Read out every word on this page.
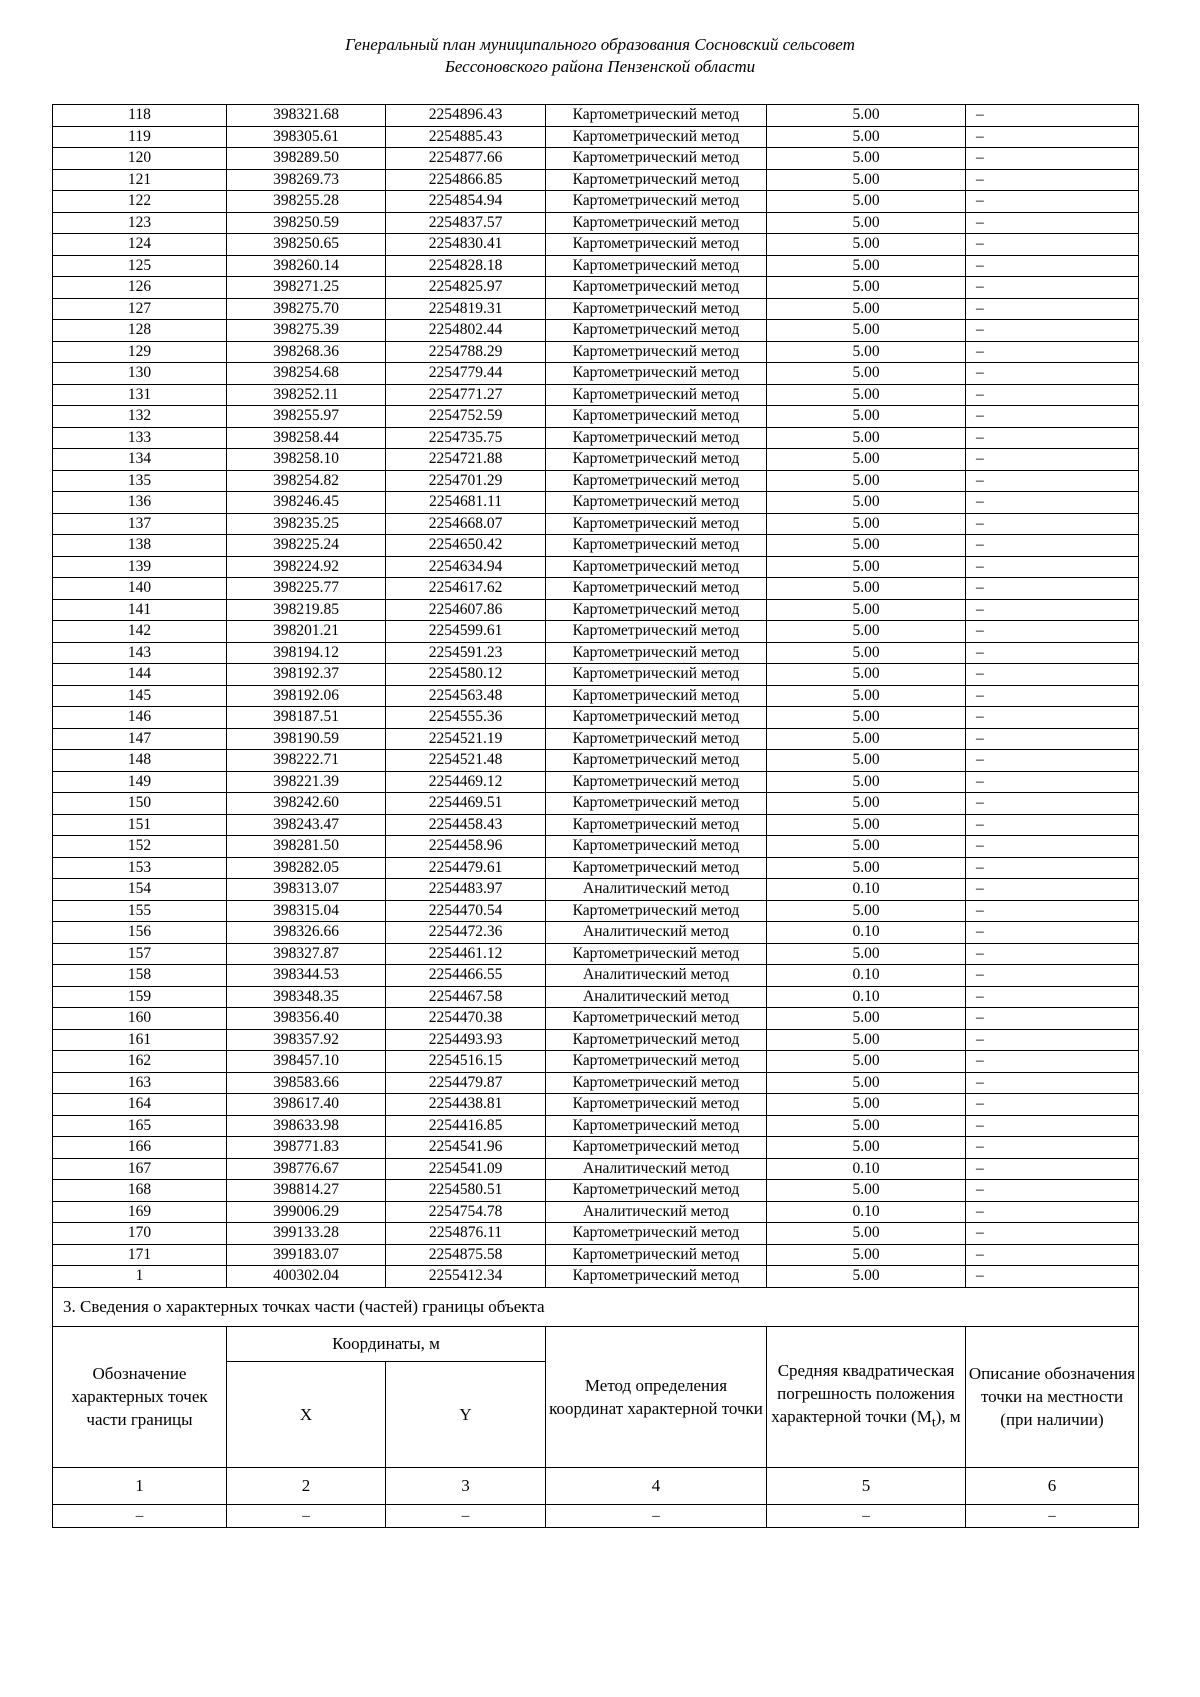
Генеральный план муниципального образования Сосновский сельсовет
Бессоновского района Пензенской области
118	398321.68	2254896.43	Картометрический метод	5.00	–
119	398305.61	2254885.43	Картометрический метод	5.00	–
120	398289.50	2254877.66	Картометрический метод	5.00	–
121	398269.73	2254866.85	Картометрический метод	5.00	–
122	398255.28	2254854.94	Картометрический метод	5.00	–
123	398250.59	2254837.57	Картометрический метод	5.00	–
124	398250.65	2254830.41	Картометрический метод	5.00	–
125	398260.14	2254828.18	Картометрический метод	5.00	–
126	398271.25	2254825.97	Картометрический метод	5.00	–
127	398275.70	2254819.31	Картометрический метод	5.00	–
128	398275.39	2254802.44	Картометрический метод	5.00	–
129	398268.36	2254788.29	Картометрический метод	5.00	–
130	398254.68	2254779.44	Картометрический метод	5.00	–
131	398252.11	2254771.27	Картометрический метод	5.00	–
132	398255.97	2254752.59	Картометрический метод	5.00	–
133	398258.44	2254735.75	Картометрический метод	5.00	–
134	398258.10	2254721.88	Картометрический метод	5.00	–
135	398254.82	2254701.29	Картометрический метод	5.00	–
136	398246.45	2254681.11	Картометрический метод	5.00	–
137	398235.25	2254668.07	Картометрический метод	5.00	–
138	398225.24	2254650.42	Картометрический метод	5.00	–
139	398224.92	2254634.94	Картометрический метод	5.00	–
140	398225.77	2254617.62	Картометрический метод	5.00	–
141	398219.85	2254607.86	Картометрический метод	5.00	–
142	398201.21	2254599.61	Картометрический метод	5.00	–
143	398194.12	2254591.23	Картометрический метод	5.00	–
144	398192.37	2254580.12	Картометрический метод	5.00	–
145	398192.06	2254563.48	Картометрический метод	5.00	–
146	398187.51	2254555.36	Картометрический метод	5.00	–
147	398190.59	2254521.19	Картометрический метод	5.00	–
148	398222.71	2254521.48	Картометрический метод	5.00	–
149	398221.39	2254469.12	Картометрический метод	5.00	–
150	398242.60	2254469.51	Картометрический метод	5.00	–
151	398243.47	2254458.43	Картометрический метод	5.00	–
152	398281.50	2254458.96	Картометрический метод	5.00	–
153	398282.05	2254479.61	Картометрический метод	5.00	–
154	398313.07	2254483.97	Аналитический метод	0.10	–
155	398315.04	2254470.54	Картометрический метод	5.00	–
156	398326.66	2254472.36	Аналитический метод	0.10	–
157	398327.87	2254461.12	Картометрический метод	5.00	–
158	398344.53	2254466.55	Аналитический метод	0.10	–
159	398348.35	2254467.58	Аналитический метод	0.10	–
160	398356.40	2254470.38	Картометрический метод	5.00	–
161	398357.92	2254493.93	Картометрический метод	5.00	–
162	398457.10	2254516.15	Картометрический метод	5.00	–
163	398583.66	2254479.87	Картометрический метод	5.00	–
164	398617.40	2254438.81	Картометрический метод	5.00	–
165	398633.98	2254416.85	Картометрический метод	5.00	–
166	398771.83	2254541.96	Картометрический метод	5.00	–
167	398776.67	2254541.09	Аналитический метод	0.10	–
168	398814.27	2254580.51	Картометрический метод	5.00	–
169	399006.29	2254754.78	Аналитический метод	0.10	–
170	399133.28	2254876.11	Картометрический метод	5.00	–
171	399183.07	2254875.58	Картометрический метод	5.00	–
1	400302.04	2255412.34	Картометрический метод	5.00	–
3. Сведения о характерных точках части (частей) границы объекта					
Обозначение характерных точек части границы	Координаты, м		Метод определения координат характерной точки	Средняя квадратическая погрешность положения характерной точки $(M_t)$, м	Описание обозначения точки на местности (при наличии)
	X	Y			
1	2	3	4	5	6
–	–	–	–	–	–
